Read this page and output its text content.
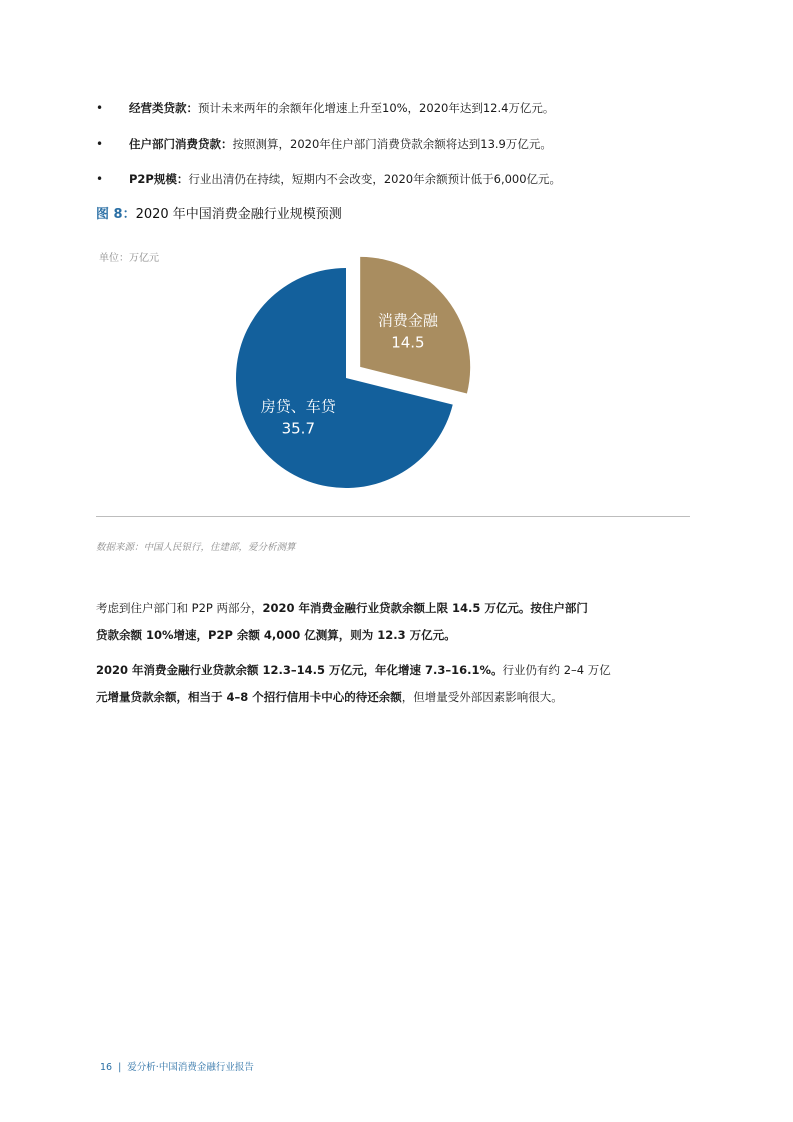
• 经营类贷款：预计未来两年的余额年化增速上升至10%，2020年达到12.4万亿元。
• 住户部门消费贷款：按照测算，2020年住户部门消费贷款余额将达到13.9万亿元。
• P2P规模：行业出清仍在持续，短期内不会改变，2020年余额预计低于6,000亿元。
图 8：2020 年中国消费金融行业规模预测
单位：万亿元
消费金融
14.5
房贷、车贷
35.7
数据来源：中国人民银行，住建部，爱分析测算
考虑到住户部门和 P2P 两部分，2020 年消费金融行业贷款余额上限 14.5 万亿元。按住户部门
贷款余额 10%增速，P2P 余额 4,000 亿测算，则为 12.3 万亿元。
2020 年消费金融行业贷款余额 12.3–14.5 万亿元，年化增速 7.3–16.1%。行业仍有约 2–4 万亿
元增量贷款余额，相当于 4–8 个招行信用卡中心的待还余额，但增量受外部因素影响很大。
16 | 爱分析·中国消费金融行业报告
